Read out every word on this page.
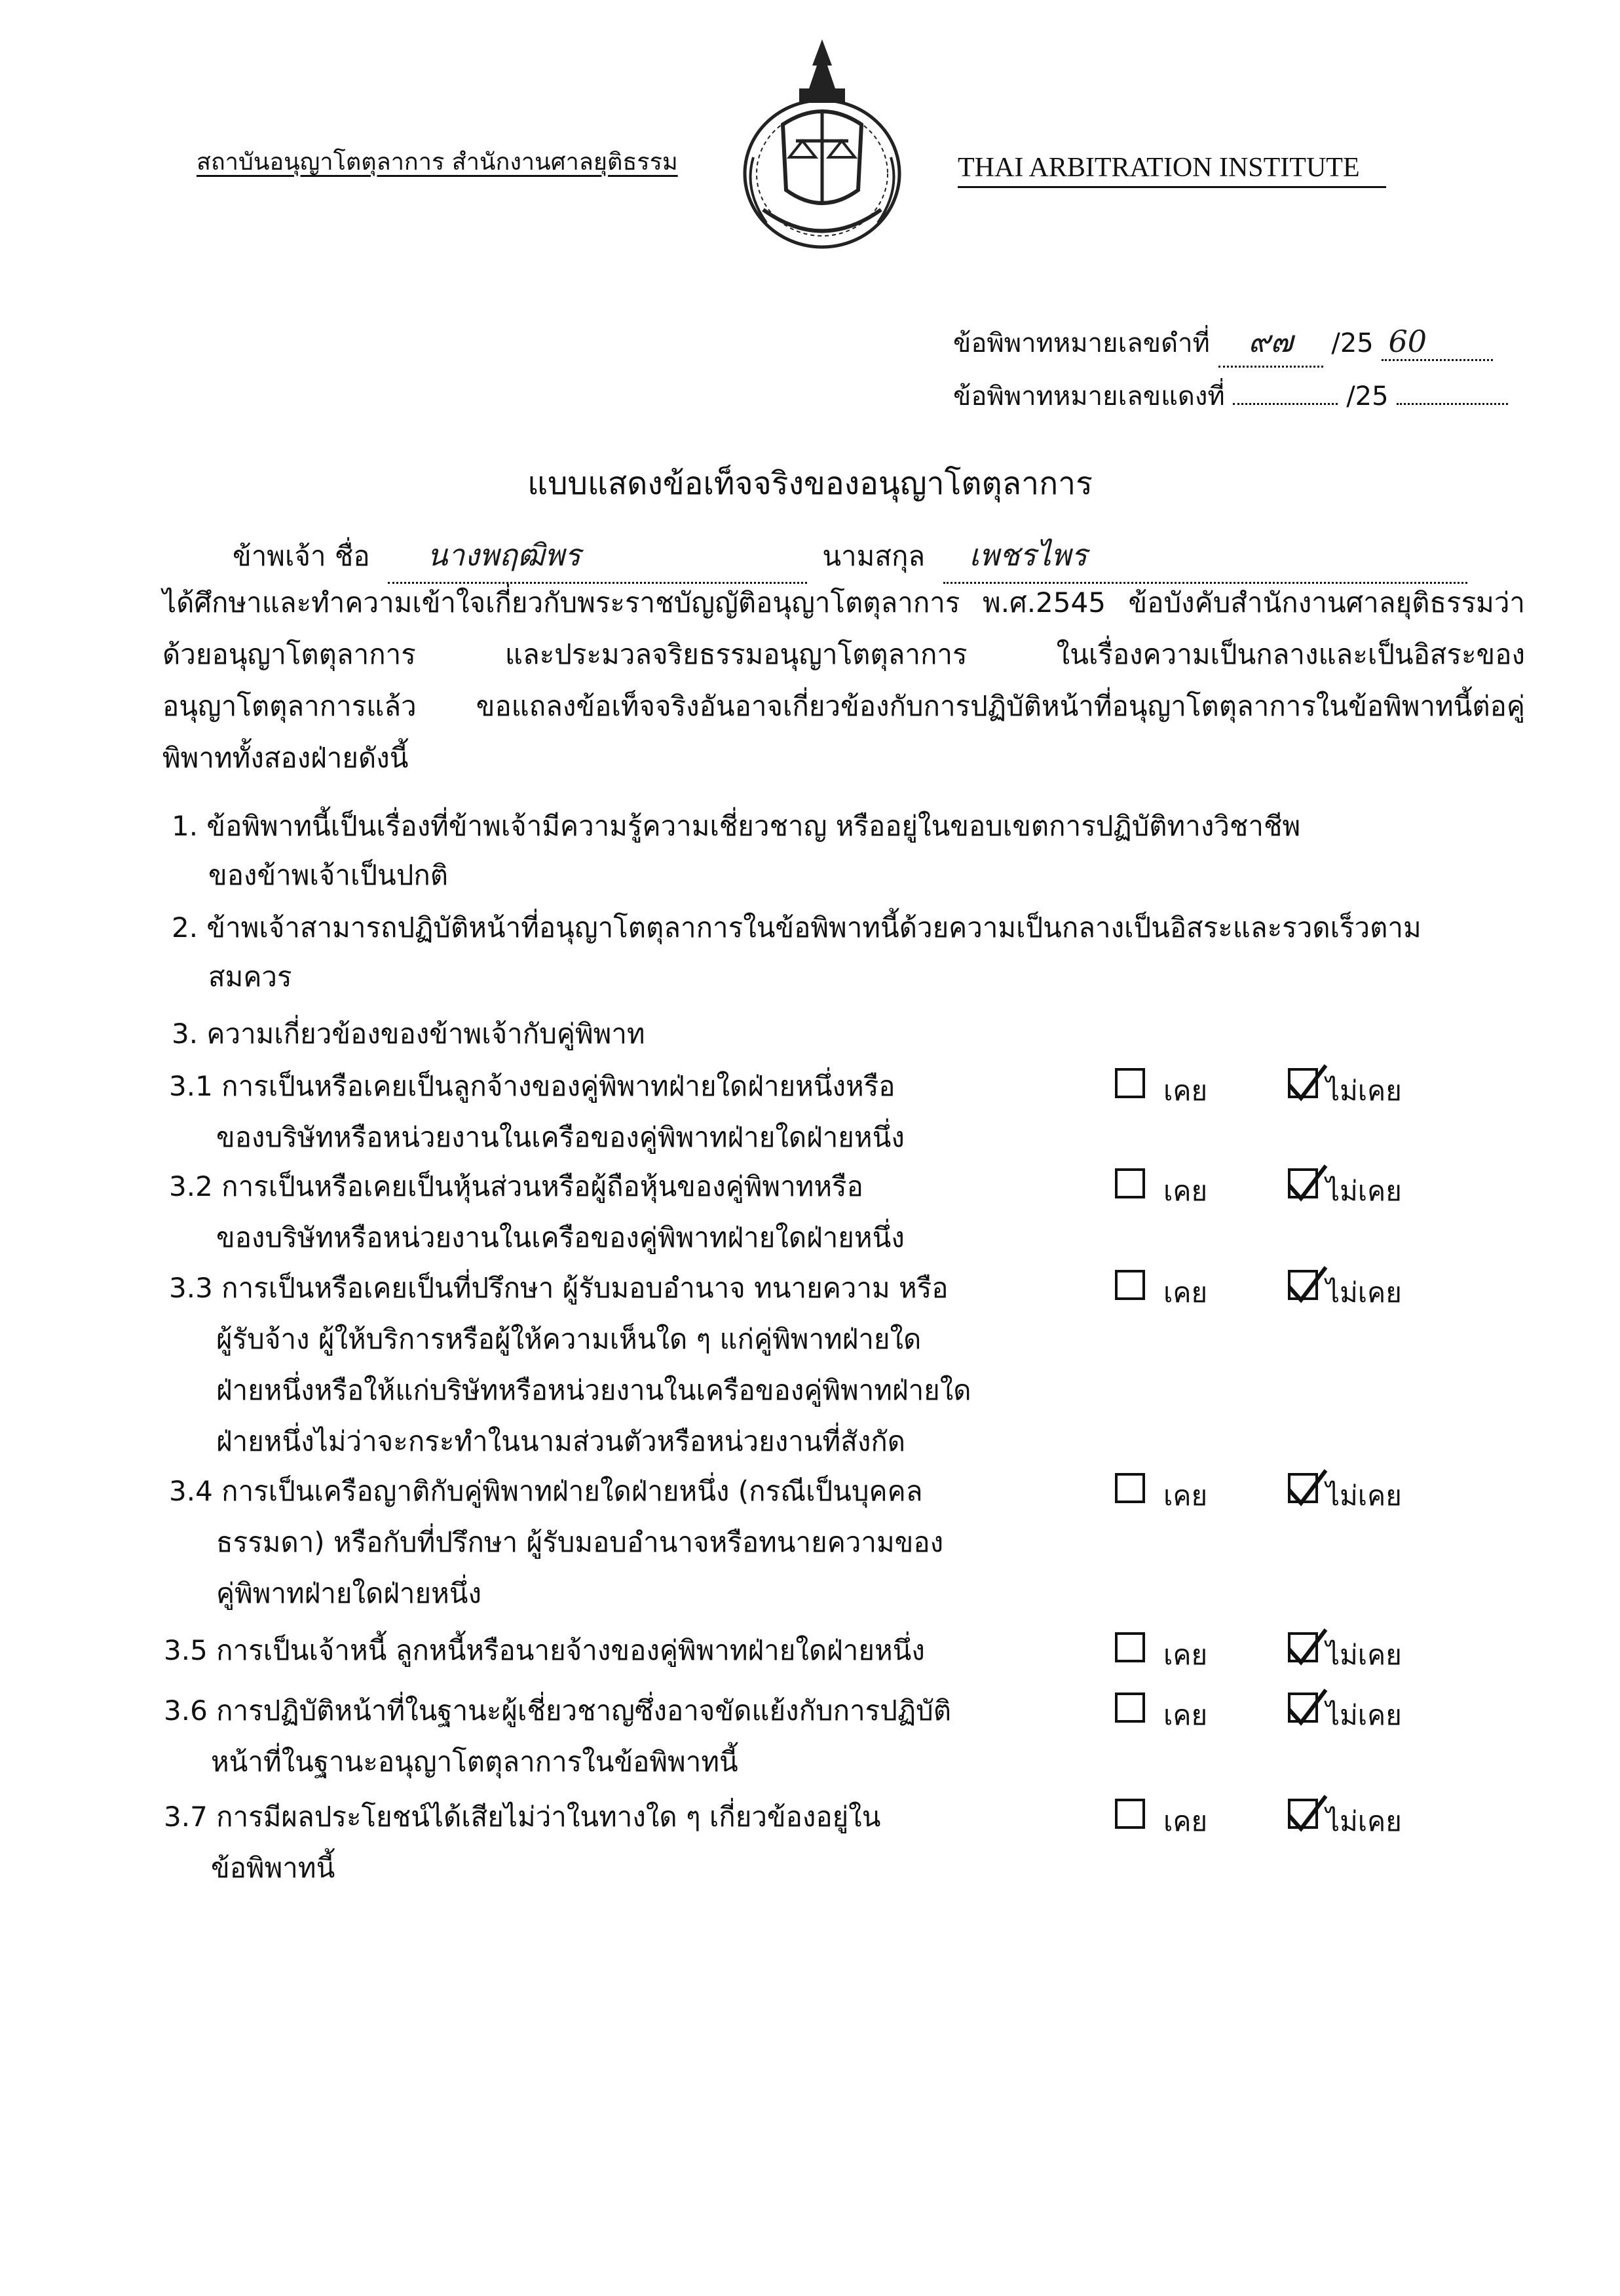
สถาบันอนุญาโตตุลาการ สำนักงานศาลยุติธรรม	THAI ARBITRATION INSTITUTE
ข้อพิพาทหมายเลขดำที่ ๙๗ /25 60
ข้อพิพาทหมายเลขแดงที่	/25
แบบแสดงข้อเท็จจริงของอนุญาโตตุลาการ
ข้าพเจ้า ชื่อ นางพฤฒิพร	นามสกุล เพชรไพร
ได้ศึกษาและทำความเข้าใจเกี่ยวกับพระราชบัญญัติอนุญาโตตุลาการ พ.ศ.2545 ข้อบังคับสำนักงานศาลยุติธรรมว่าด้วยอนุญาโตตุลาการ และประมวลจริยธรรมอนุญาโตตุลาการ ในเรื่องความเป็นกลางและเป็นอิสระของอนุญาโตตุลาการแล้ว ขอแถลงข้อเท็จจริงอันอาจเกี่ยวข้องกับการปฏิบัติหน้าที่อนุญาโตตุลาการในข้อพิพาทนี้ต่อคู่พิพาททั้งสองฝ่ายดังนี้
1. ข้อพิพาทนี้เป็นเรื่องที่ข้าพเจ้ามีความรู้ความเชี่ยวชาญ หรืออยู่ในขอบเขตการปฏิบัติทางวิชาชีพ
ของข้าพเจ้าเป็นปกติ
2. ข้าพเจ้าสามารถปฏิบัติหน้าที่อนุญาโตตุลาการในข้อพิพาทนี้ด้วยความเป็นกลางเป็นอิสระและรวดเร็วตาม
สมควร
3. ความเกี่ยวข้องของข้าพเจ้ากับคู่พิพาท
3.1 การเป็นหรือเคยเป็นลูกจ้างของคู่พิพาทฝ่ายใดฝ่ายหนึ่งหรือ
ของบริษัทหรือหน่วยงานในเครือของคู่พิพาทฝ่ายใดฝ่ายหนึ่ง
เคย	ไม่เคย
3.2 การเป็นหรือเคยเป็นหุ้นส่วนหรือผู้ถือหุ้นของคู่พิพาทหรือ
ของบริษัทหรือหน่วยงานในเครือของคู่พิพาทฝ่ายใดฝ่ายหนึ่ง
เคย	ไม่เคย
3.3 การเป็นหรือเคยเป็นที่ปรึกษา ผู้รับมอบอำนาจ ทนายความ หรือ
ผู้รับจ้าง ผู้ให้บริการหรือผู้ให้ความเห็นใด ๆ แก่คู่พิพาทฝ่ายใด
ฝ่ายหนึ่งหรือให้แก่บริษัทหรือหน่วยงานในเครือของคู่พิพาทฝ่ายใด
ฝ่ายหนึ่งไม่ว่าจะกระทำในนามส่วนตัวหรือหน่วยงานที่สังกัด
เคย	ไม่เคย
3.4 การเป็นเครือญาติกับคู่พิพาทฝ่ายใดฝ่ายหนึ่ง (กรณีเป็นบุคคล
ธรรมดา) หรือกับที่ปรึกษา ผู้รับมอบอำนาจหรือทนายความของ
คู่พิพาทฝ่ายใดฝ่ายหนึ่ง
เคย	ไม่เคย
3.5 การเป็นเจ้าหนี้ ลูกหนี้หรือนายจ้างของคู่พิพาทฝ่ายใดฝ่ายหนึ่ง	เคย	ไม่เคย
3.6 การปฏิบัติหน้าที่ในฐานะผู้เชี่ยวชาญซึ่งอาจขัดแย้งกับการปฏิบัติ
หน้าที่ในฐานะอนุญาโตตุลาการในข้อพิพาทนี้
เคย	ไม่เคย
3.7 การมีผลประโยชน์ได้เสียไม่ว่าในทางใด ๆ เกี่ยวข้องอยู่ใน
ข้อพิพาทนี้
เคย	ไม่เคย
